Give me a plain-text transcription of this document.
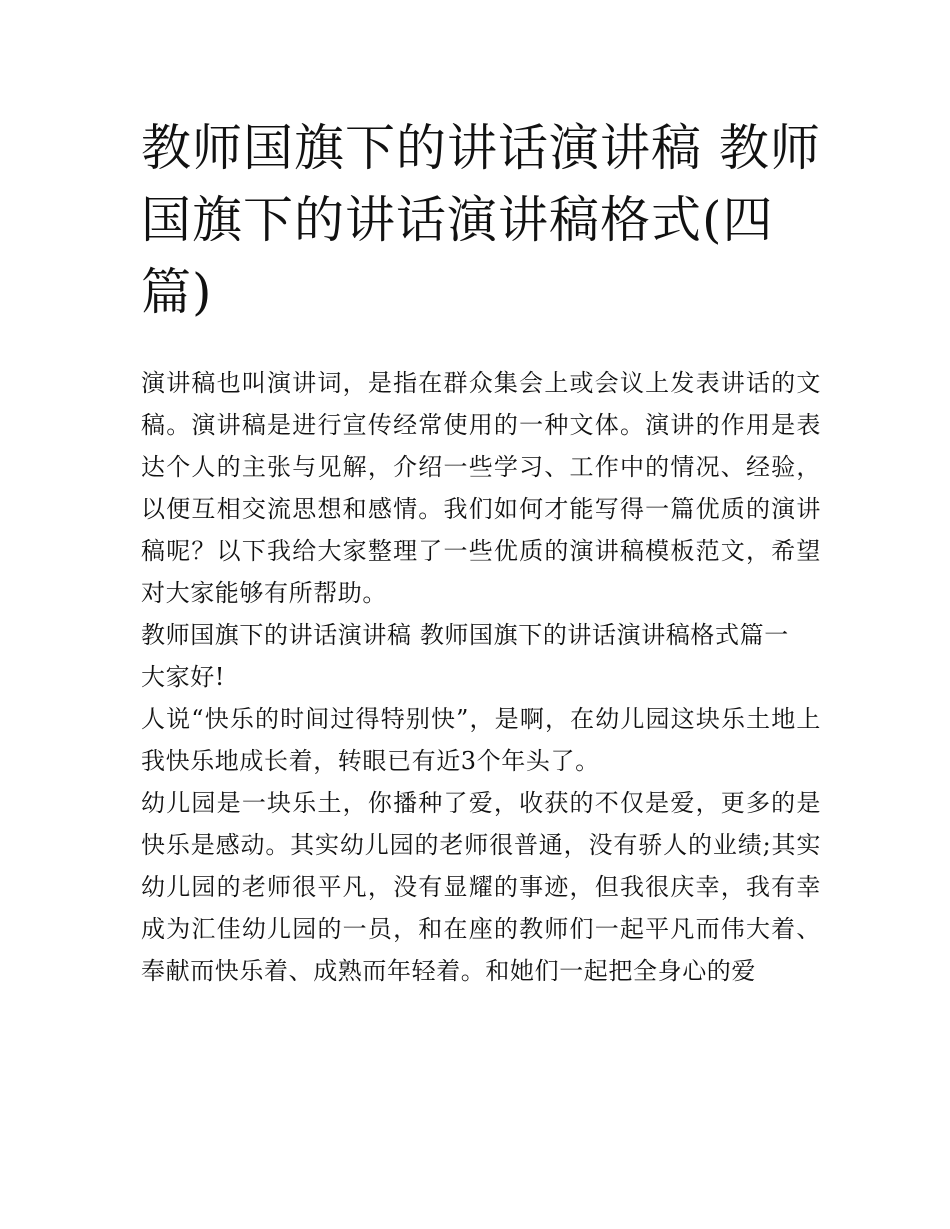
教师国旗下的讲话演讲稿 教师国旗下的讲话演讲稿格式(四篇)

演讲稿也叫演讲词，是指在群众集会上或会议上发表讲话的文稿。演讲稿是进行宣传经常使用的一种文体。演讲的作用是表达个人的主张与见解，介绍一些学习、工作中的情况、经验，以便互相交流思想和感情。我们如何才能写得一篇优质的演讲稿呢？以下我给大家整理了一些优质的演讲稿模板范文，希望对大家能够有所帮助。

教师国旗下的讲话演讲稿 教师国旗下的讲话演讲稿格式篇一

大家好!

人说“快乐的时间过得特别快”，是啊，在幼儿园这块乐土地上我快乐地成长着，转眼已有近3个年头了。

幼儿园是一块乐土，你播种了爱，收获的不仅是爱，更多的是快乐是感动。其实幼儿园的老师很普通，没有骄人的业绩;其实幼儿园的老师很平凡，没有显耀的事迹，但我很庆幸，我有幸成为汇佳幼儿园的一员，和在座的教师们一起平凡而伟大着、奉献而快乐着、成熟而年轻着。和她们一起把全身心的爱
